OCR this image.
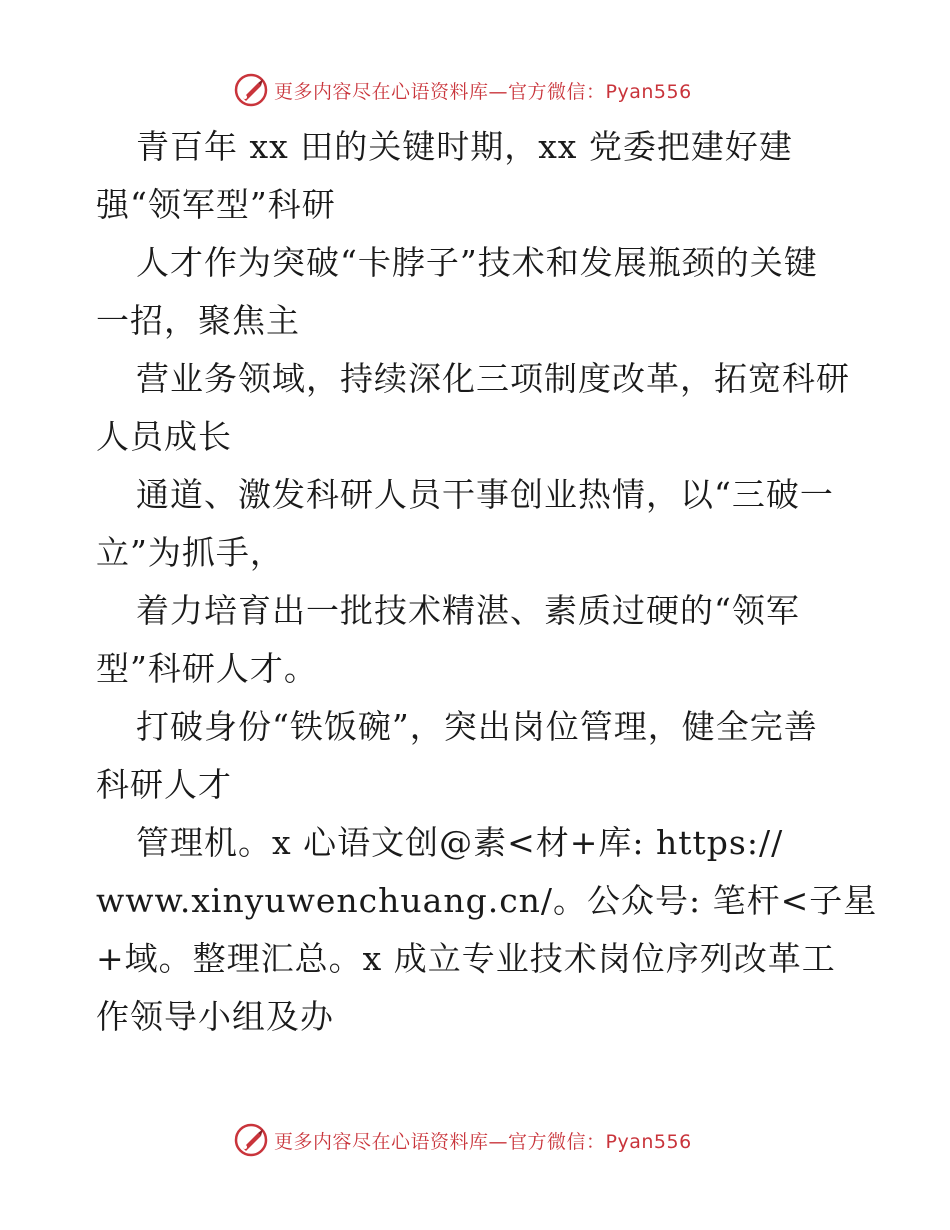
更多内容尽在心语资料库—官方微信：Pyan556
青百年 xx 田的关键时期，xx 党委把建好建
强“领军型”科研
人才作为突破“卡脖子”技术和发展瓶颈的关键
一招，聚焦主
营业务领域，持续深化三项制度改革，拓宽科研
人员成长
通道、激发科研人员干事创业热情，以“三破一
立”为抓手，
着力培育出一批技术精湛、素质过硬的“领军
型”科研人才。
打破身份“铁饭碗”，突出岗位管理，健全完善
科研人才
管理机。x 心语文创@素<材+库: https://
www.xinyuwenchuang.cn/。公众号: 笔杆<子星
+域。整理汇总。x 成立专业技术岗位序列改革工
作领导小组及办
更多内容尽在心语资料库—官方微信：Pyan556
